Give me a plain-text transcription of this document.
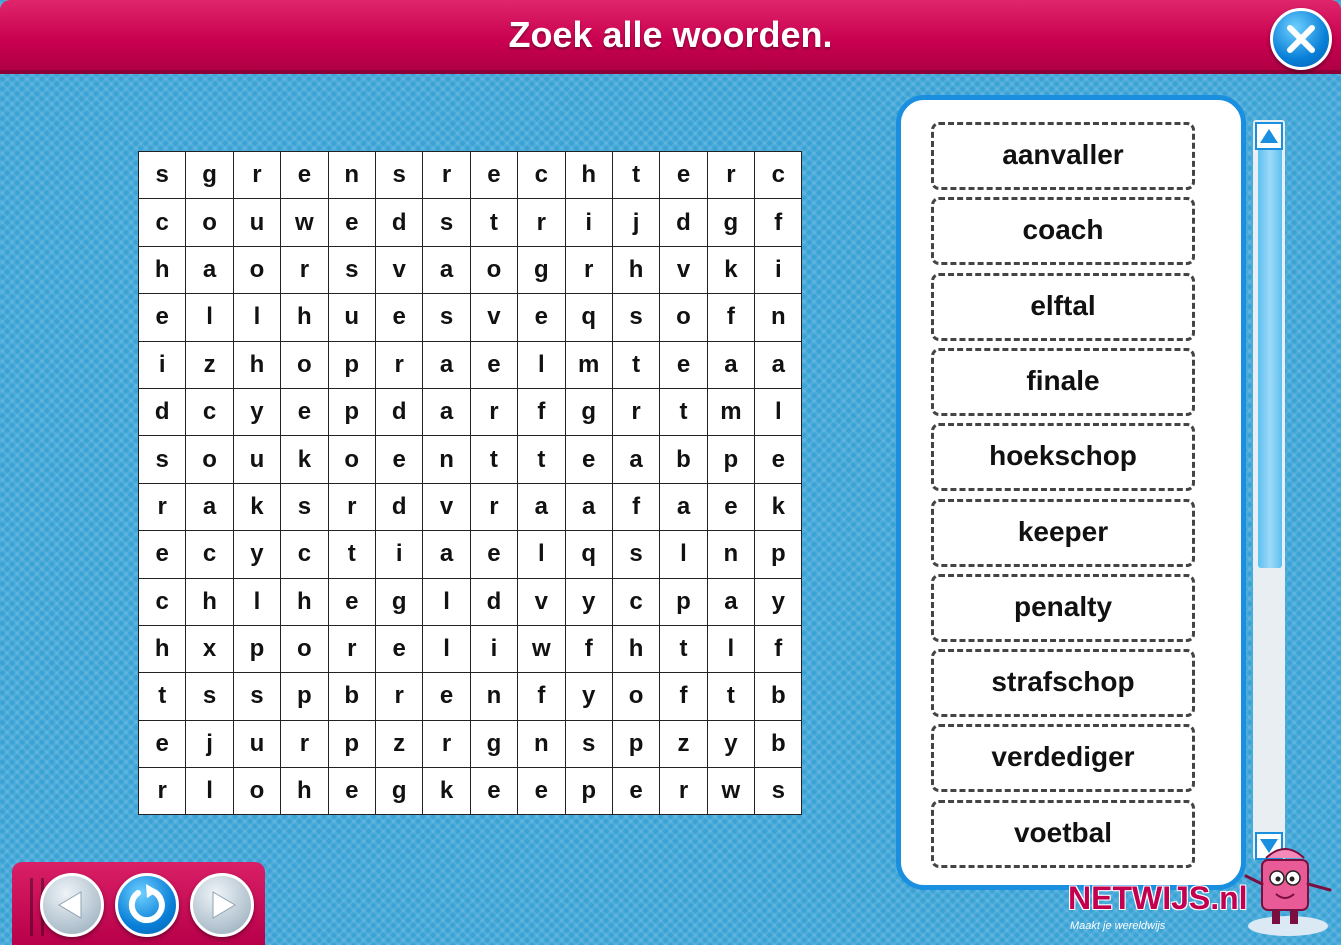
Zoek alle woorden.
s	g	r	e	n	s	r	e	c	h	t	e	r	c
c	o	u	w	e	d	s	t	r	i	j	d	g	f
h	a	o	r	s	v	a	o	g	r	h	v	k	i
e	l	l	h	u	e	s	v	e	q	s	o	f	n
i	z	h	o	p	r	a	e	l	m	t	e	a	a
d	c	y	e	p	d	a	r	f	g	r	t	m	l
s	o	u	k	o	e	n	t	t	e	a	b	p	e
r	a	k	s	r	d	v	r	a	a	f	a	e	k
e	c	y	c	t	i	a	e	l	q	s	l	n	p
c	h	l	h	e	g	l	d	v	y	c	p	a	y
h	x	p	o	r	e	l	i	w	f	h	t	l	f
t	s	s	p	b	r	e	n	f	y	o	f	t	b
e	j	u	r	p	z	r	g	n	s	p	z	y	b
r	l	o	h	e	g	k	e	e	p	e	r	w	s
aanvaller
coach
elftal
finale
hoekschop
keeper
penalty
strafschop
verdediger
voetbal
NETWIJS.nl
Maakt je wereldwijs
